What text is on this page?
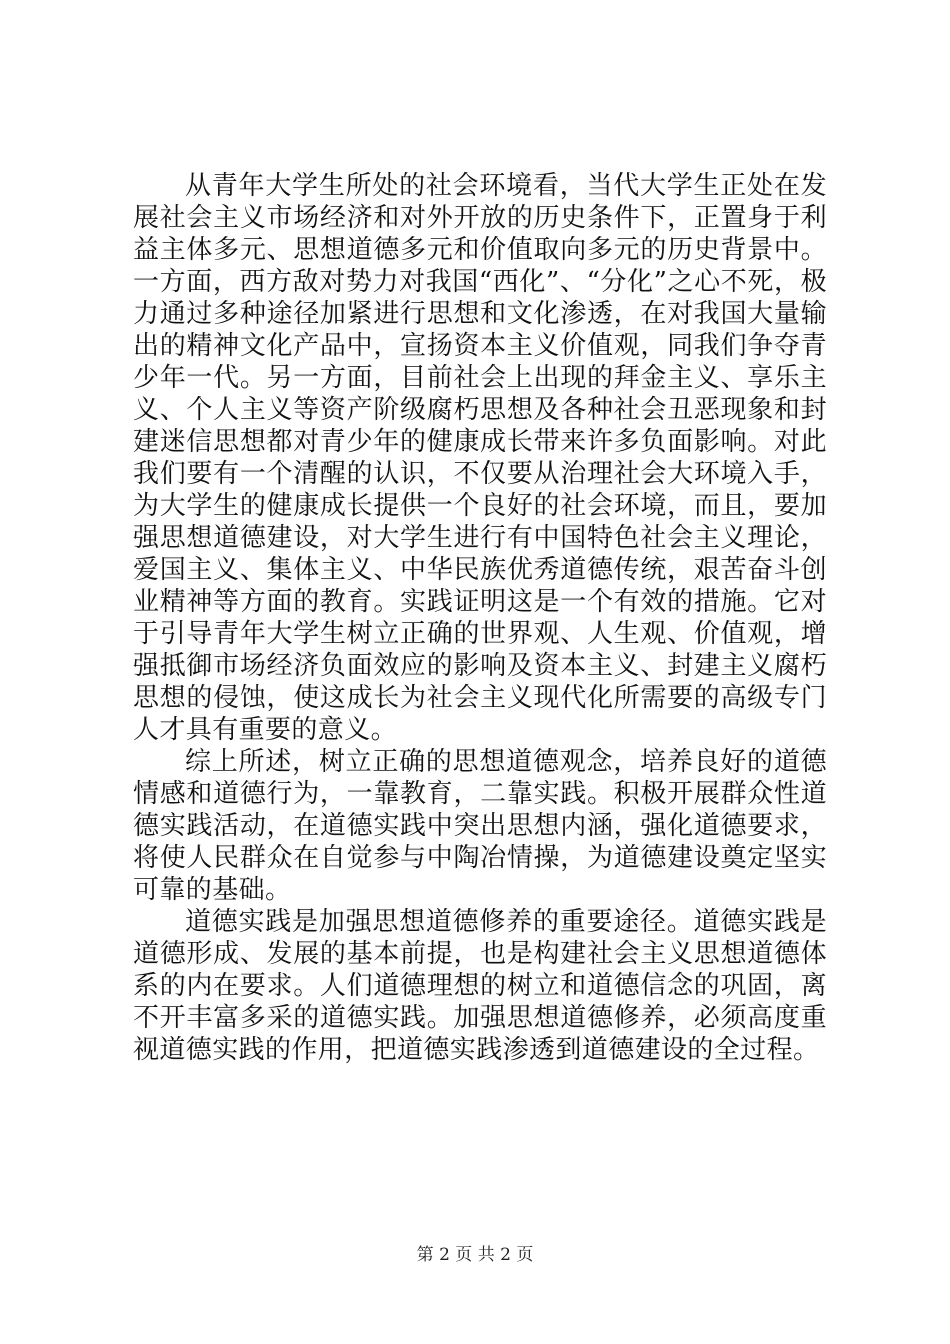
从青年大学生所处的社会环境看，当代大学生正处在发展社会主义市场经济和对外开放的历史条件下，正置身于利益主体多元、思想道德多元和价值取向多元的历史背景中。一方面，西方敌对势力对我国“西化”、“分化”之心不死，极力通过多种途径加紧进行思想和文化渗透，在对我国大量输出的精神文化产品中，宣扬资本主义价值观，同我们争夺青少年一代。另一方面，目前社会上出现的拜金主义、享乐主义、个人主义等资产阶级腐朽思想及各种社会丑恶现象和封建迷信思想都对青少年的健康成长带来许多负面影响。对此我们要有一个清醒的认识，不仅要从治理社会大环境入手，为大学生的健康成长提供一个良好的社会环境，而且，要加强思想道德建设，对大学生进行有中国特色社会主义理论，爱国主义、集体主义、中华民族优秀道德传统，艰苦奋斗创业精神等方面的教育。实践证明这是一个有效的措施。它对于引导青年大学生树立正确的世界观、人生观、价值观，增强抵御市场经济负面效应的影响及资本主义、封建主义腐朽思想的侵蚀，使这成长为社会主义现代化所需要的高级专门人才具有重要的意义。

综上所述，树立正确的思想道德观念，培养良好的道德情感和道德行为，一靠教育，二靠实践。积极开展群众性道德实践活动，在道德实践中突出思想内涵，强化道德要求，将使人民群众在自觉参与中陶冶情操，为道德建设奠定坚实可靠的基础。

道德实践是加强思想道德修养的重要途径。道德实践是道德形成、发展的基本前提，也是构建社会主义思想道德体系的内在要求。人们道德理想的树立和道德信念的巩固，离不开丰富多采的道德实践。加强思想道德修养，必须高度重视道德实践的作用，把道德实践渗透到道德建设的全过程。

第 2 页 共 2 页
